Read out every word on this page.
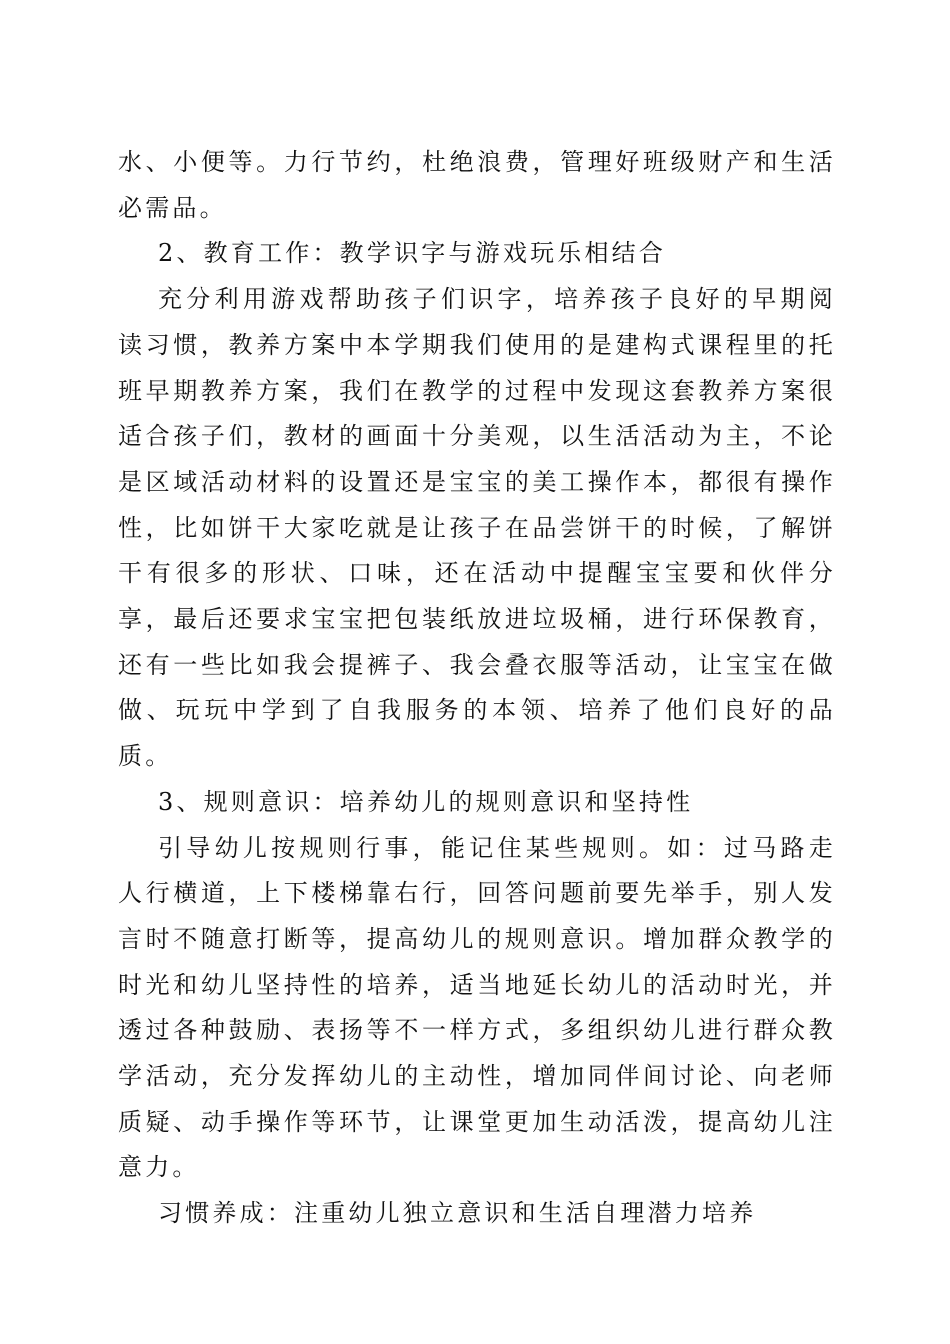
水、小便等。力行节约，杜绝浪费，管理好班级财产和生活必需品。

2、教育工作：教学识字与游戏玩乐相结合

充分利用游戏帮助孩子们识字，培养孩子良好的早期阅读习惯，教养方案中本学期我们使用的是建构式课程里的托班早期教养方案，我们在教学的过程中发现这套教养方案很适合孩子们，教材的画面十分美观，以生活活动为主，不论是区域活动材料的设置还是宝宝的美工操作本，都很有操作性，比如饼干大家吃就是让孩子在品尝饼干的时候，了解饼干有很多的形状、口味，还在活动中提醒宝宝要和伙伴分享，最后还要求宝宝把包装纸放进垃圾桶，进行环保教育，还有一些比如我会提裤子、我会叠衣服等活动，让宝宝在做做、玩玩中学到了自我服务的本领、培养了他们良好的品质。

3、规则意识：培养幼儿的规则意识和坚持性

引导幼儿按规则行事，能记住某些规则。如：过马路走人行横道，上下楼梯靠右行，回答问题前要先举手，别人发言时不随意打断等，提高幼儿的规则意识。增加群众教学的时光和幼儿坚持性的培养，适当地延长幼儿的活动时光，并透过各种鼓励、表扬等不一样方式，多组织幼儿进行群众教学活动，充分发挥幼儿的主动性，增加同伴间讨论、向老师质疑、动手操作等环节，让课堂更加生动活泼，提高幼儿注意力。

习惯养成：注重幼儿独立意识和生活自理潜力培养
